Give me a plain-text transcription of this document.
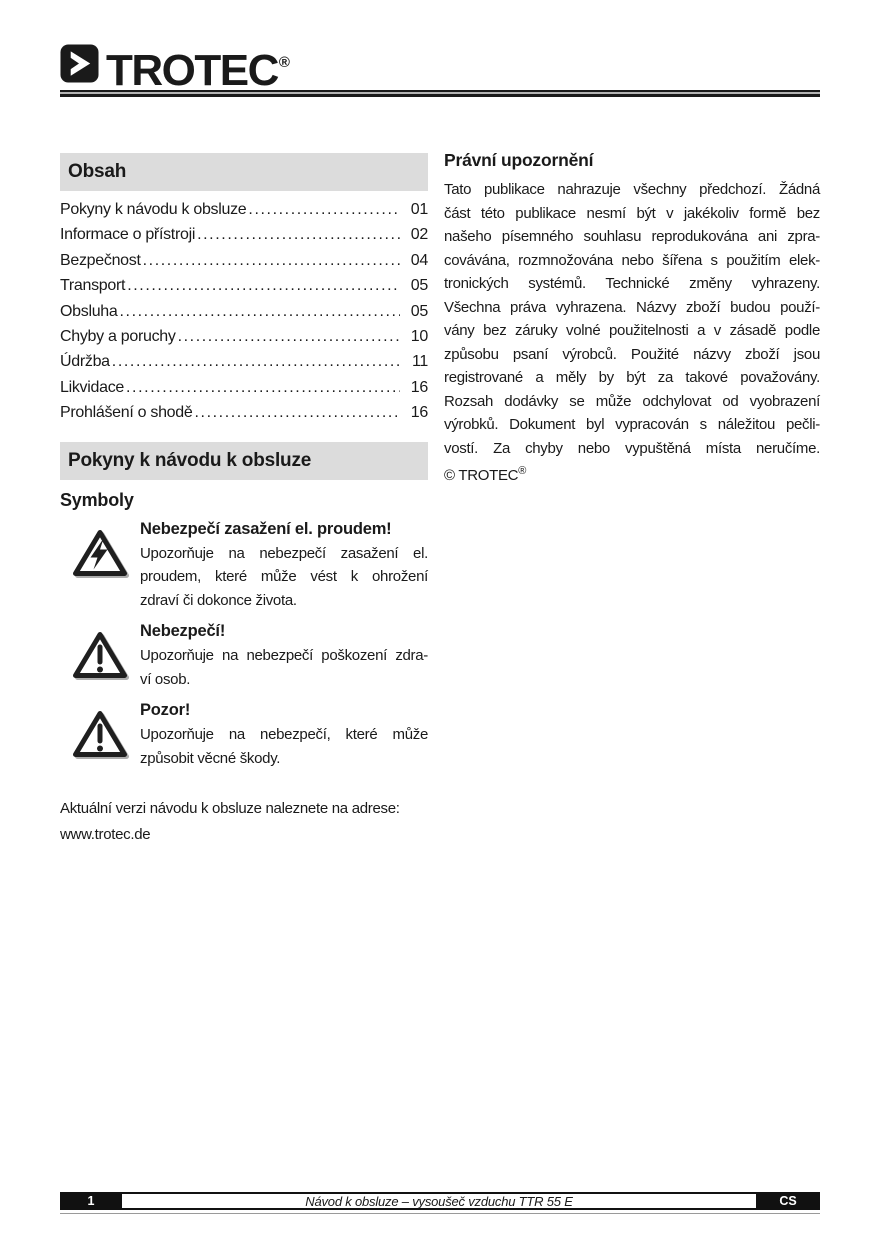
TROTEC®
Obsah
Pokyny k návodu k obsluze .....	01
Informace o přístroji .....	02
Bezpečnost .....	04
Transport .....	05
Obsluha .....	05
Chyby a poruchy .....	10
Údržba .....	11
Likvidace .....	16
Prohlášení o shodě .....	16
Pokyny k návodu k obsluze
Symboly
Nebezpečí zasažení el. proudem!
Upozorňuje na nebezpečí zasažení el.
proudem, které může vést k ohrožení
zdraví či dokonce života.
Nebezpečí!
Upozorňuje na nebezpečí poškození zdra-
ví osob.
Pozor!
Upozorňuje na nebezpečí, které může
způsobit věcné škody.
Aktuální verzi návodu k obsluze naleznete na adrese:
www.trotec.de
Právní upozornění
Tato publikace nahrazuje všechny předchozí. Žádná
část této publikace nesmí být v jakékoliv formě bez
našeho písemného souhlasu reprodukována ani zpra-
covávána, rozmnožována nebo šířena s použitím elek-
tronických systémů. Technické změny vyhrazeny.
Všechna práva vyhrazena. Názvy zboží budou použí-
vány bez záruky volné použitelnosti a v zásadě podle
způsobu psaní výrobců. Použité názvy zboží jsou
registrované a měly by být za takové považovány.
Rozsah dodávky se může odchylovat od vyobrazení
výrobků. Dokument byl vypracován s náležitou pečli-
vostí. Za chyby nebo vypuštěná místa neručíme.
© TROTEC®
1	Návod k obsluze – vysoušeč vzduchu TTR 55 E	CS
